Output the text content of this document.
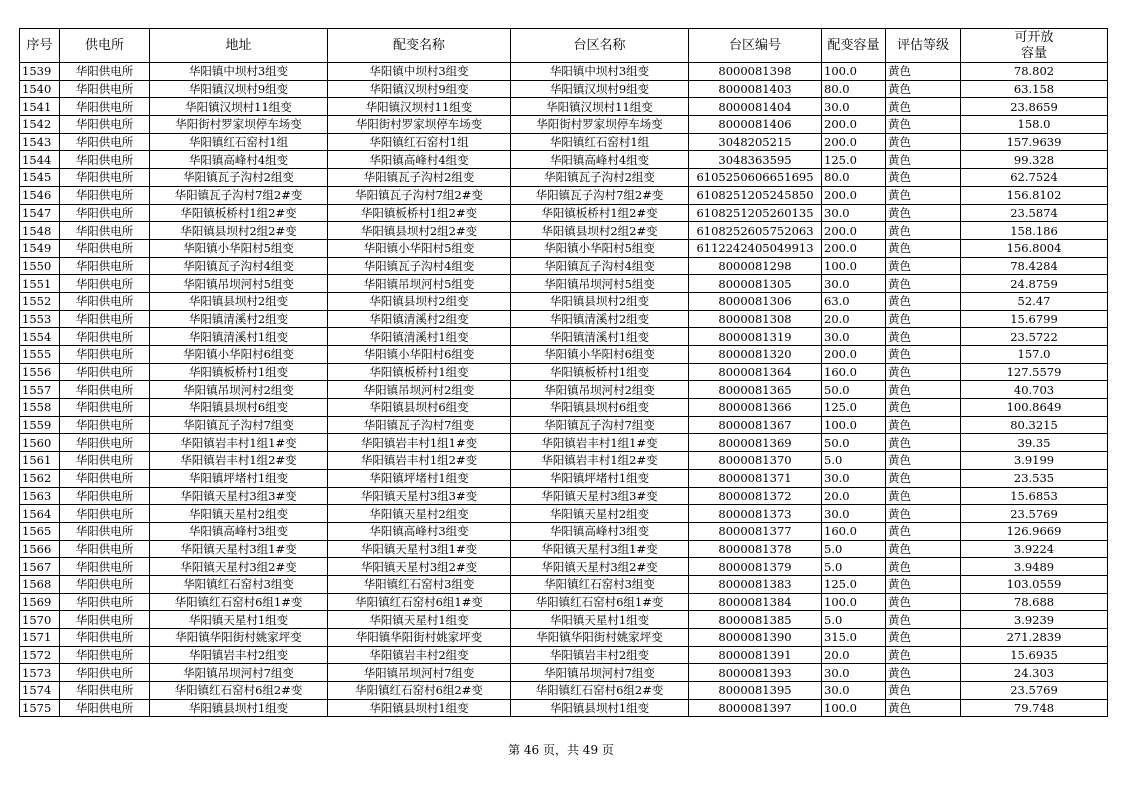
序号	供电所	地址	配变名称	台区名称	台区编号	配变容量	评估等级	可开放容量
1539	华阳供电所	华阳镇中坝村3组变	华阳镇中坝村3组变	华阳镇中坝村3组变	8000081398	100.0	黄色	78.802
1540	华阳供电所	华阳镇汉坝村9组变	华阳镇汉坝村9组变	华阳镇汉坝村9组变	8000081403	80.0	黄色	63.158
1541	华阳供电所	华阳镇汉坝村11组变	华阳镇汉坝村11组变	华阳镇汉坝村11组变	8000081404	30.0	黄色	23.8659
1542	华阳供电所	华阳街村罗家坝停车场变	华阳街村罗家坝停车场变	华阳街村罗家坝停车场变	8000081406	200.0	黄色	158.0
1543	华阳供电所	华阳镇红石窑村1组	华阳镇红石窑村1组	华阳镇红石窑村1组	3048205215	200.0	黄色	157.9639
1544	华阳供电所	华阳镇高峰村4组变	华阳镇高峰村4组变	华阳镇高峰村4组变	3048363595	125.0	黄色	99.328
1545	华阳供电所	华阳镇瓦子沟村2组变	华阳镇瓦子沟村2组变	华阳镇瓦子沟村2组变	6105250606651695	80.0	黄色	62.7524
1546	华阳供电所	华阳镇瓦子沟村7组2#变	华阳镇瓦子沟村7组2#变	华阳镇瓦子沟村7组2#变	6108251205245850	200.0	黄色	156.8102
1547	华阳供电所	华阳镇板桥村1组2#变	华阳镇板桥村1组2#变	华阳镇板桥村1组2#变	6108251205260135	30.0	黄色	23.5874
1548	华阳供电所	华阳镇县坝村2组2#变	华阳镇县坝村2组2#变	华阳镇县坝村2组2#变	6108252605752063	200.0	黄色	158.186
1549	华阳供电所	华阳镇小华阳村5组变	华阳镇小华阳村5组变	华阳镇小华阳村5组变	6112242405049913	200.0	黄色	156.8004
1550	华阳供电所	华阳镇瓦子沟村4组变	华阳镇瓦子沟村4组变	华阳镇瓦子沟村4组变	8000081298	100.0	黄色	78.4284
1551	华阳供电所	华阳镇吊坝河村5组变	华阳镇吊坝河村5组变	华阳镇吊坝河村5组变	8000081305	30.0	黄色	24.8759
1552	华阳供电所	华阳镇县坝村2组变	华阳镇县坝村2组变	华阳镇县坝村2组变	8000081306	63.0	黄色	52.47
1553	华阳供电所	华阳镇清溪村2组变	华阳镇清溪村2组变	华阳镇清溪村2组变	8000081308	20.0	黄色	15.6799
1554	华阳供电所	华阳镇清溪村1组变	华阳镇清溪村1组变	华阳镇清溪村1组变	8000081319	30.0	黄色	23.5722
1555	华阳供电所	华阳镇小华阳村6组变	华阳镇小华阳村6组变	华阳镇小华阳村6组变	8000081320	200.0	黄色	157.0
1556	华阳供电所	华阳镇板桥村1组变	华阳镇板桥村1组变	华阳镇板桥村1组变	8000081364	160.0	黄色	127.5579
1557	华阳供电所	华阳镇吊坝河村2组变	华阳镇吊坝河村2组变	华阳镇吊坝河村2组变	8000081365	50.0	黄色	40.703
1558	华阳供电所	华阳镇县坝村6组变	华阳镇县坝村6组变	华阳镇县坝村6组变	8000081366	125.0	黄色	100.8649
1559	华阳供电所	华阳镇瓦子沟村7组变	华阳镇瓦子沟村7组变	华阳镇瓦子沟村7组变	8000081367	100.0	黄色	80.3215
1560	华阳供电所	华阳镇岩丰村1组1#变	华阳镇岩丰村1组1#变	华阳镇岩丰村1组1#变	8000081369	50.0	黄色	39.35
1561	华阳供电所	华阳镇岩丰村1组2#变	华阳镇岩丰村1组2#变	华阳镇岩丰村1组2#变	8000081370	5.0	黄色	3.9199
1562	华阳供电所	华阳镇坪堵村1组变	华阳镇坪堵村1组变	华阳镇坪堵村1组变	8000081371	30.0	黄色	23.535
1563	华阳供电所	华阳镇天星村3组3#变	华阳镇天星村3组3#变	华阳镇天星村3组3#变	8000081372	20.0	黄色	15.6853
1564	华阳供电所	华阳镇天星村2组变	华阳镇天星村2组变	华阳镇天星村2组变	8000081373	30.0	黄色	23.5769
1565	华阳供电所	华阳镇高峰村3组变	华阳镇高峰村3组变	华阳镇高峰村3组变	8000081377	160.0	黄色	126.9669
1566	华阳供电所	华阳镇天星村3组1#变	华阳镇天星村3组1#变	华阳镇天星村3组1#变	8000081378	5.0	黄色	3.9224
1567	华阳供电所	华阳镇天星村3组2#变	华阳镇天星村3组2#变	华阳镇天星村3组2#变	8000081379	5.0	黄色	3.9489
1568	华阳供电所	华阳镇红石窑村3组变	华阳镇红石窑村3组变	华阳镇红石窑村3组变	8000081383	125.0	黄色	103.0559
1569	华阳供电所	华阳镇红石窑村6组1#变	华阳镇红石窑村6组1#变	华阳镇红石窑村6组1#变	8000081384	100.0	黄色	78.688
1570	华阳供电所	华阳镇天星村1组变	华阳镇天星村1组变	华阳镇天星村1组变	8000081385	5.0	黄色	3.9239
1571	华阳供电所	华阳镇华阳街村姚家坪变	华阳镇华阳街村姚家坪变	华阳镇华阳街村姚家坪变	8000081390	315.0	黄色	271.2839
1572	华阳供电所	华阳镇岩丰村2组变	华阳镇岩丰村2组变	华阳镇岩丰村2组变	8000081391	20.0	黄色	15.6935
1573	华阳供电所	华阳镇吊坝河村7组变	华阳镇吊坝河村7组变	华阳镇吊坝河村7组变	8000081393	30.0	黄色	24.303
1574	华阳供电所	华阳镇红石窑村6组2#变	华阳镇红石窑村6组2#变	华阳镇红石窑村6组2#变	8000081395	30.0	黄色	23.5769
1575	华阳供电所	华阳镇县坝村1组变	华阳镇县坝村1组变	华阳镇县坝村1组变	8000081397	100.0	黄色	79.748
第 46 页，共 49 页
